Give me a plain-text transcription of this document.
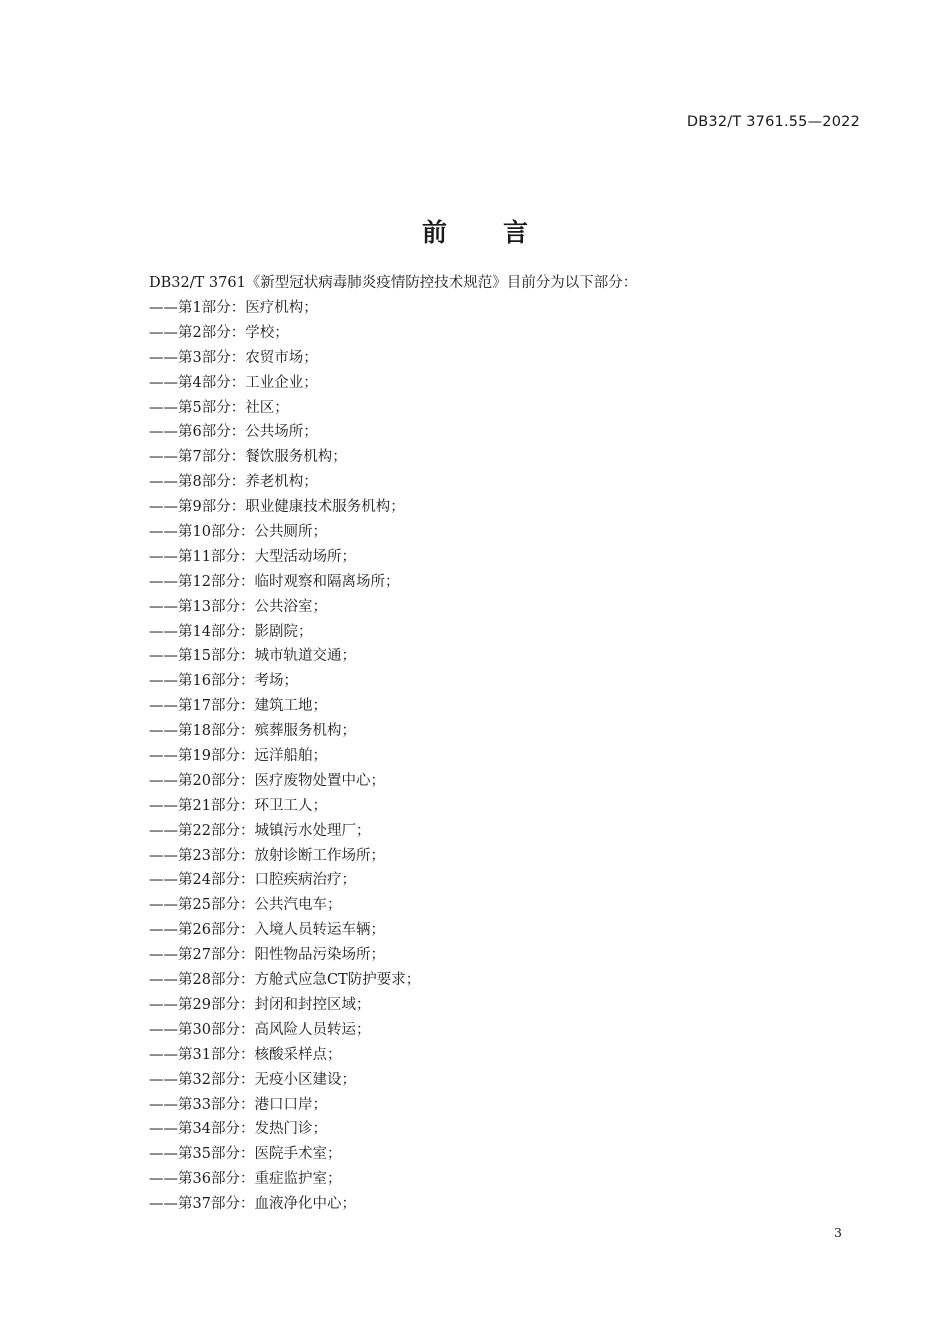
DB32/T 3761.55—2022
前言
DB32/T 3761《新型冠状病毒肺炎疫情防控技术规范》目前分为以下部分：
——第1部分：医疗机构；
——第2部分：学校；
——第3部分：农贸市场；
——第4部分：工业企业；
——第5部分：社区；
——第6部分：公共场所；
——第7部分：餐饮服务机构；
——第8部分：养老机构；
——第9部分：职业健康技术服务机构；
——第10部分：公共厕所；
——第11部分：大型活动场所；
——第12部分：临时观察和隔离场所；
——第13部分：公共浴室；
——第14部分：影剧院；
——第15部分：城市轨道交通；
——第16部分：考场；
——第17部分：建筑工地；
——第18部分：殡葬服务机构；
——第19部分：远洋船舶；
——第20部分：医疗废物处置中心；
——第21部分：环卫工人；
——第22部分：城镇污水处理厂；
——第23部分：放射诊断工作场所；
——第24部分：口腔疾病治疗；
——第25部分：公共汽电车；
——第26部分：入境人员转运车辆；
——第27部分：阳性物品污染场所；
——第28部分：方舱式应急CT防护要求；
——第29部分：封闭和封控区域；
——第30部分：高风险人员转运；
——第31部分：核酸采样点；
——第32部分：无疫小区建设；
——第33部分：港口口岸；
——第34部分：发热门诊；
——第35部分：医院手术室；
——第36部分：重症监护室；
——第37部分：血液净化中心；
3
